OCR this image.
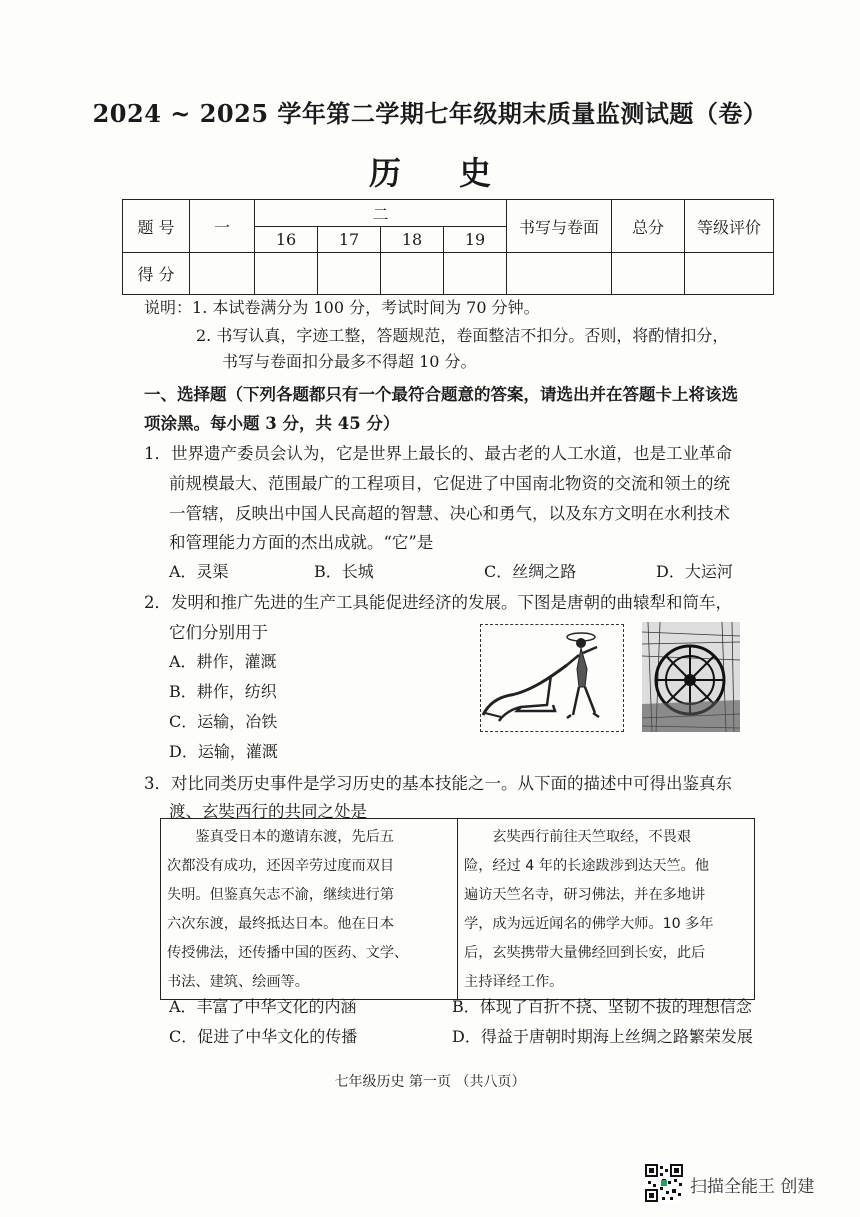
2024 ~ 2025 学年第二学期七年级期末质量监测试题（卷）
历史
题 号	一	二				书写与卷面	总分	等级评价
		16	17	18	19			
得 分								
说明：1. 本试卷满分为 100 分，考试时间为 70 分钟。
2. 书写认真，字迹工整，答题规范，卷面整洁不扣分。否则，将酌情扣分，
书写与卷面扣分最多不得超 10 分。
一、选择题（下列各题都只有一个最符合题意的答案，请选出并在答题卡上将该选
项涂黑。每小题 3 分，共 45 分）
1．世界遗产委员会认为，它是世界上最长的、最古老的人工水道，也是工业革命
前规模最大、范围最广的工程项目，它促进了中国南北物资的交流和领土的统
一管辖，反映出中国人民高超的智慧、决心和勇气，以及东方文明在水利技术
和管理能力方面的杰出成就。“它”是
A．灵渠	B．长城	C．丝绸之路	D．大运河
2．发明和推广先进的生产工具能促进经济的发展。下图是唐朝的曲辕犁和筒车，
它们分别用于
A．耕作，灌溉
B．耕作，纺织
C．运输，冶铁
D．运输，灌溉
3．对比同类历史事件是学习历史的基本技能之一。从下面的描述中可得出鉴真东
渡、玄奘西行的共同之处是
鉴真受日本的邀请东渡，先后五
次都没有成功，还因辛劳过度而双目
失明。但鉴真矢志不渝，继续进行第
六次东渡，最终抵达日本。他在日本
传授佛法，还传播中国的医药、文学、
书法、建筑、绘画等。

玄奘西行前往天竺取经，不畏艰
险，经过 4 年的长途跋涉到达天竺。他
遍访天竺名寺，研习佛法，并在多地讲
学，成为远近闻名的佛学大师。10 多年
后，玄奘携带大量佛经回到长安，此后
主持译经工作。
A．丰富了中华文化的内涵	B．体现了百折不挠、坚韧不拔的理想信念
C．促进了中华文化的传播	D．得益于唐朝时期海上丝绸之路繁荣发展
七年级历史 第一页 （共八页）
扫描全能王 创建
